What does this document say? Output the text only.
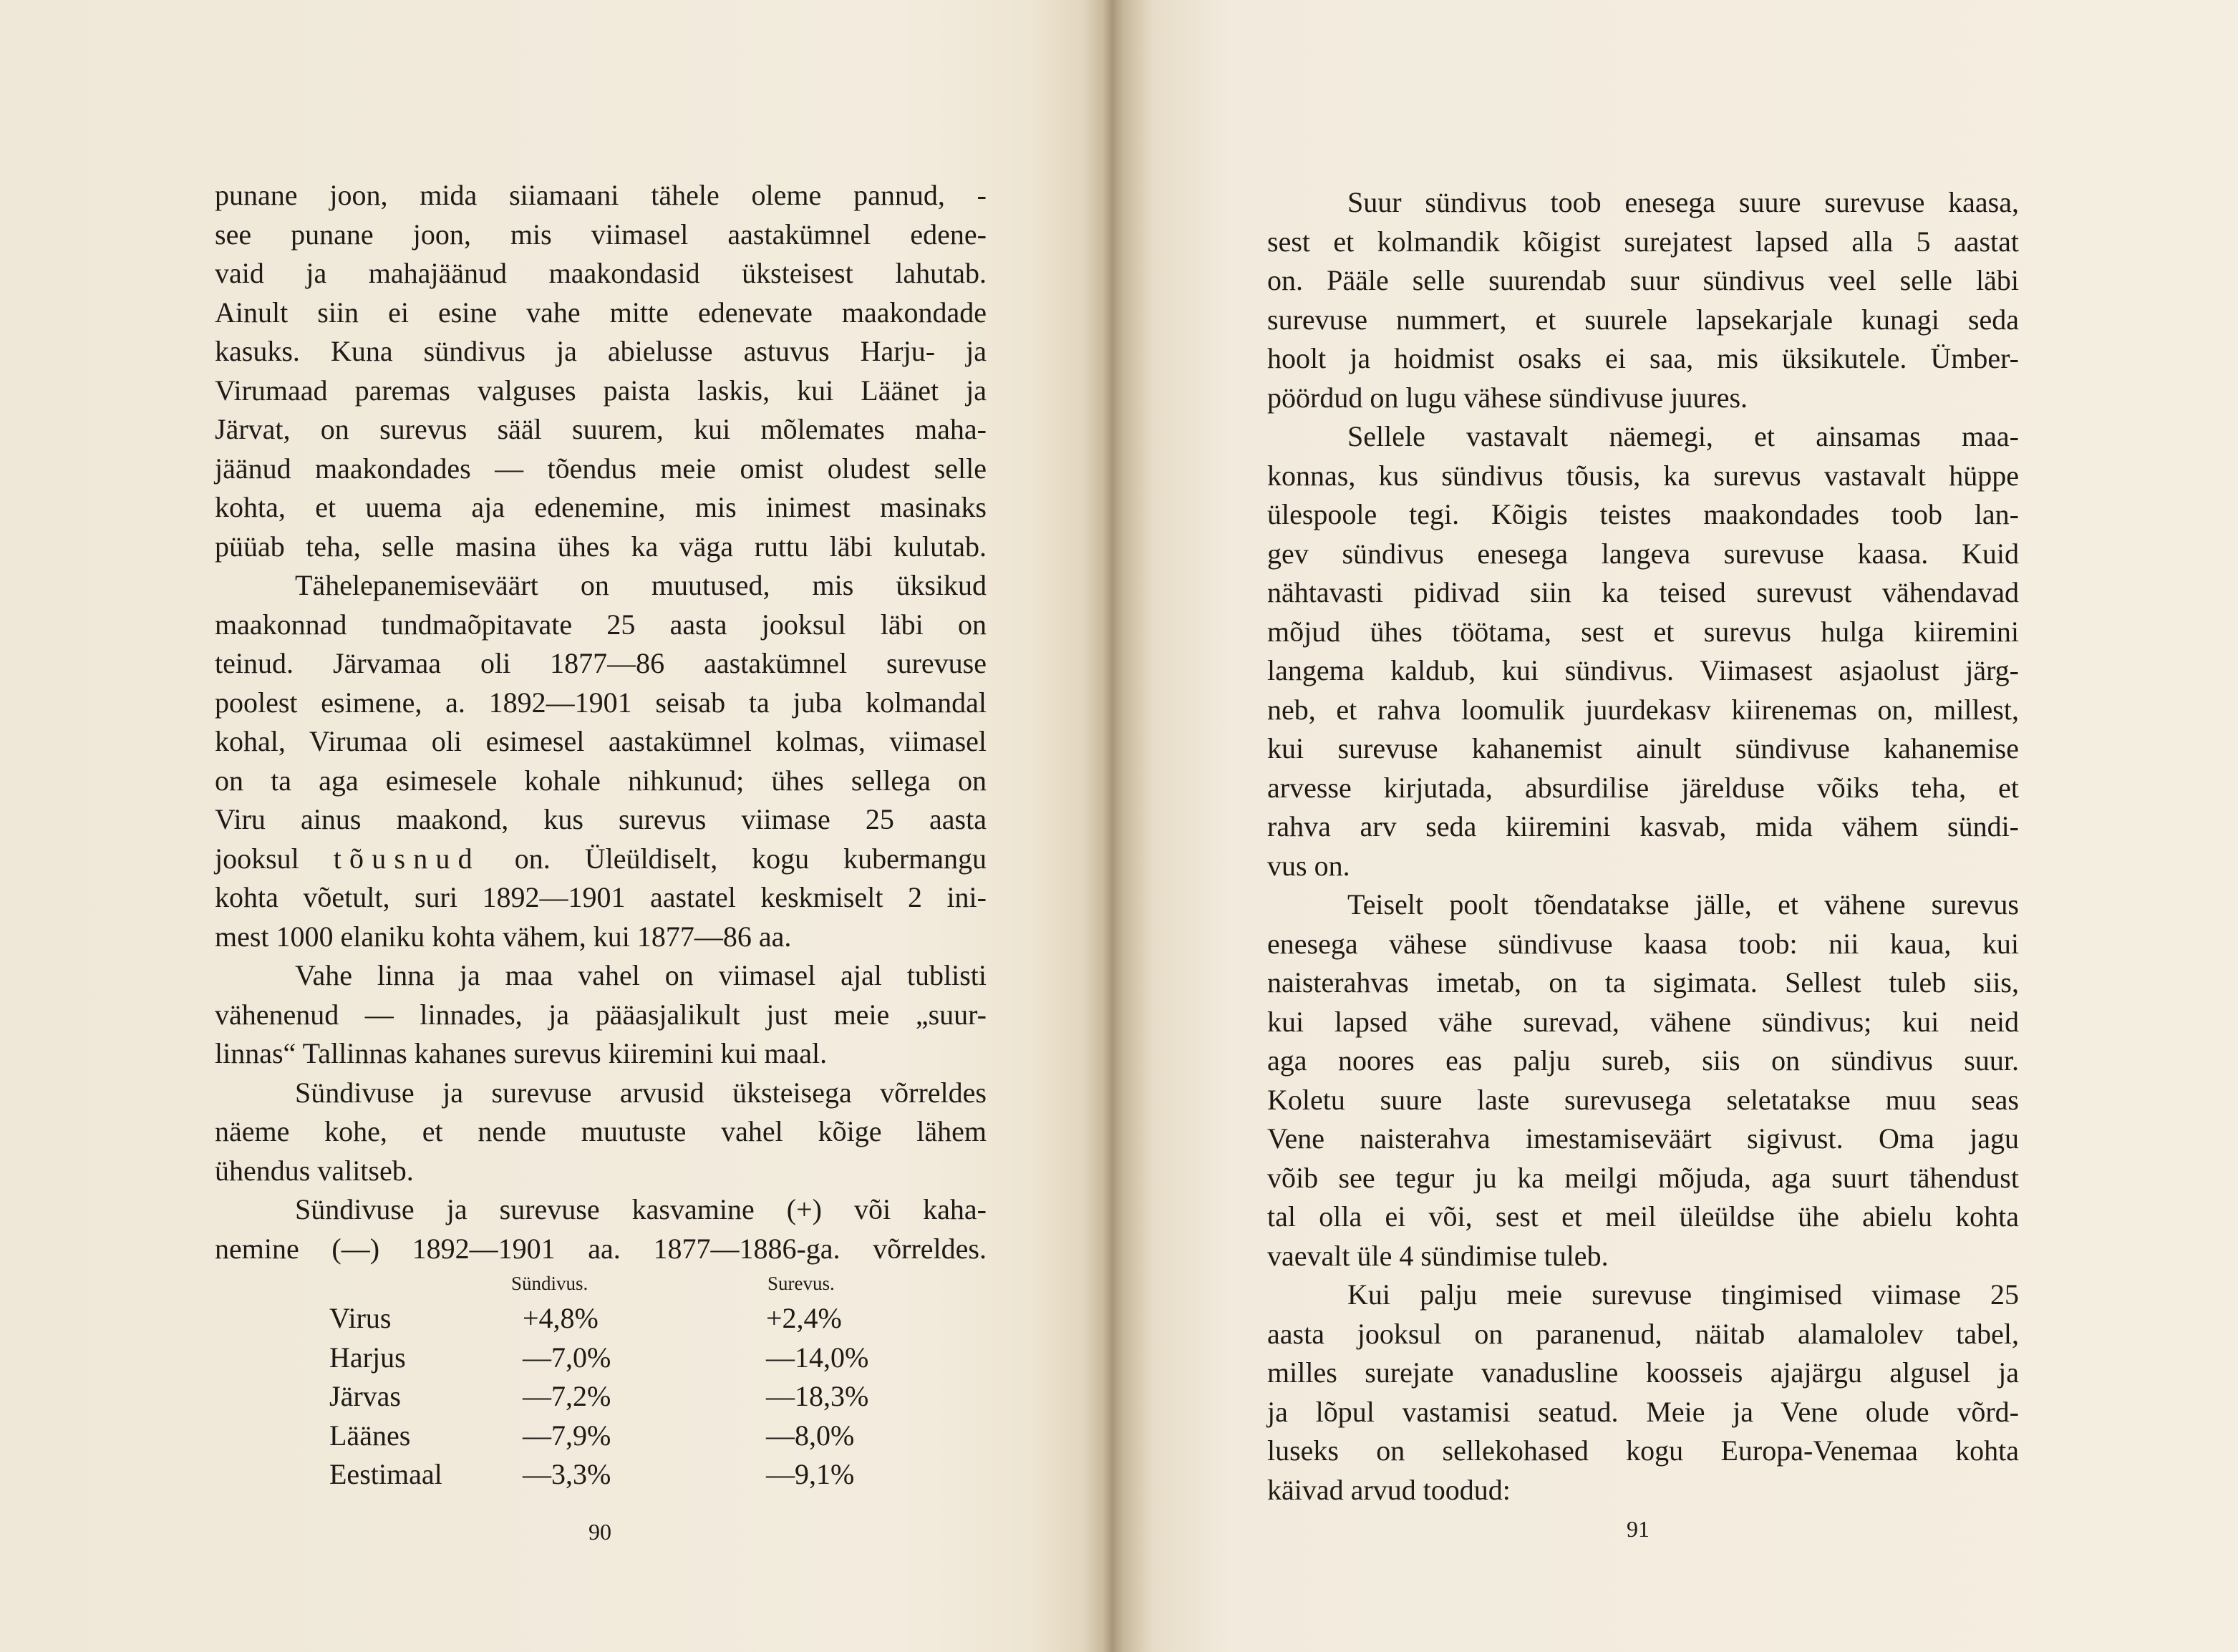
punane joon, mida siiamaani tähele oleme pannud, -
see punane joon, mis viimasel aastakümnel edene-
vaid ja mahajäänud maakondasid üksteisest lahutab.
Ainult siin ei esine vahe mitte edenevate maakondade
kasuks. Kuna sündivus ja abielusse astuvus Harju- ja
Virumaad paremas valguses paista laskis, kui Läänet ja
Järvat, on surevus sääl suurem, kui mõlemates maha-
jäänud maakondades — tõendus meie omist oludest selle
kohta, et uuema aja edenemine, mis inimest masinaks
püüab teha, selle masina ühes ka väga ruttu läbi kulutab.
Tähelepanemiseväärt on muutused, mis üksikud
maakonnad tundmaõpitavate 25 aasta jooksul läbi on
teinud. Järvamaa oli 1877—86 aastakümnel surevuse
poolest esimene, a. 1892—1901 seisab ta juba kolmandal
kohal, Virumaa oli esimesel aastakümnel kolmas, viimasel
on ta aga esimesele kohale nihkunud; ühes sellega on
Viru ainus maakond, kus surevus viimase 25 aasta
jooksul tõusnud on. Üleüldiselt, kogu kubermangu
kohta võetult, suri 1892—1901 aastatel keskmiselt 2 ini-
mest 1000 elaniku kohta vähem, kui 1877—86 aa.
Vahe linna ja maa vahel on viimasel ajal tublisti
vähenenud — linnades, ja pääasjalikult just meie „suur-
linnas“ Tallinnas kahanes surevus kiiremini kui maal.
Sündivuse ja surevuse arvusid üksteisega võrreldes
näeme kohe, et nende muutuste vahel kõige lähem
ühendus valitseb.
Sündivuse ja surevuse kasvamine (+) või kaha-
nemine (—) 1892—1901 aa. 1877—1886-ga. võrreldes.
Sündivus.	Surevus.
Virus	+4,8%	+2,4%
Harjus	—7,0%	—14,0%
Järvas	—7,2%	—18,3%
Läänes	—7,9%	—8,0%
Eestimaal	—3,3%	—9,1%
90
Suur sündivus toob enesega suure surevuse kaasa,
sest et kolmandik kõigist surejatest lapsed alla 5 aastat
on. Pääle selle suurendab suur sündivus veel selle läbi
surevuse nummert, et suurele lapsekarjale kunagi seda
hoolt ja hoidmist osaks ei saa, mis üksikutele. Ümber-
pöördud on lugu vähese sündivuse juures.
Sellele vastavalt näemegi, et ainsamas maa-
konnas, kus sündivus tõusis, ka surevus vastavalt hüppe
ülespoole tegi. Kõigis teistes maakondades toob lan-
gev sündivus enesega langeva surevuse kaasa. Kuid
nähtavasti pidivad siin ka teised surevust vähendavad
mõjud ühes töötama, sest et surevus hulga kiiremini
langema kaldub, kui sündivus. Viimasest asjaolust järg-
neb, et rahva loomulik juurdekasv kiirenemas on, millest,
kui surevuse kahanemist ainult sündivuse kahanemise
arvesse kirjutada, absurdilise järelduse võiks teha, et
rahva arv seda kiiremini kasvab, mida vähem sündi-
vus on.
Teiselt poolt tõendatakse jälle, et vähene surevus
enesega vähese sündivuse kaasa toob: nii kaua, kui
naisterahvas imetab, on ta sigimata. Sellest tuleb siis,
kui lapsed vähe surevad, vähene sündivus; kui neid
aga noores eas palju sureb, siis on sündivus suur.
Koletu suure laste surevusega seletatakse muu seas
Vene naisterahva imestamiseväärt sigivust. Oma jagu
võib see tegur ju ka meilgi mõjuda, aga suurt tähendust
tal olla ei või, sest et meil üleüldse ühe abielu kohta
vaevalt üle 4 sündimise tuleb.
Kui palju meie surevuse tingimised viimase 25
aasta jooksul on paranenud, näitab alamalolev tabel,
milles surejate vanadusline koosseis ajajärgu algusel ja
ja lõpul vastamisi seatud. Meie ja Vene olude võrd-
luseks on sellekohased kogu Europa-Venemaa kohta
käivad arvud toodud:
91
